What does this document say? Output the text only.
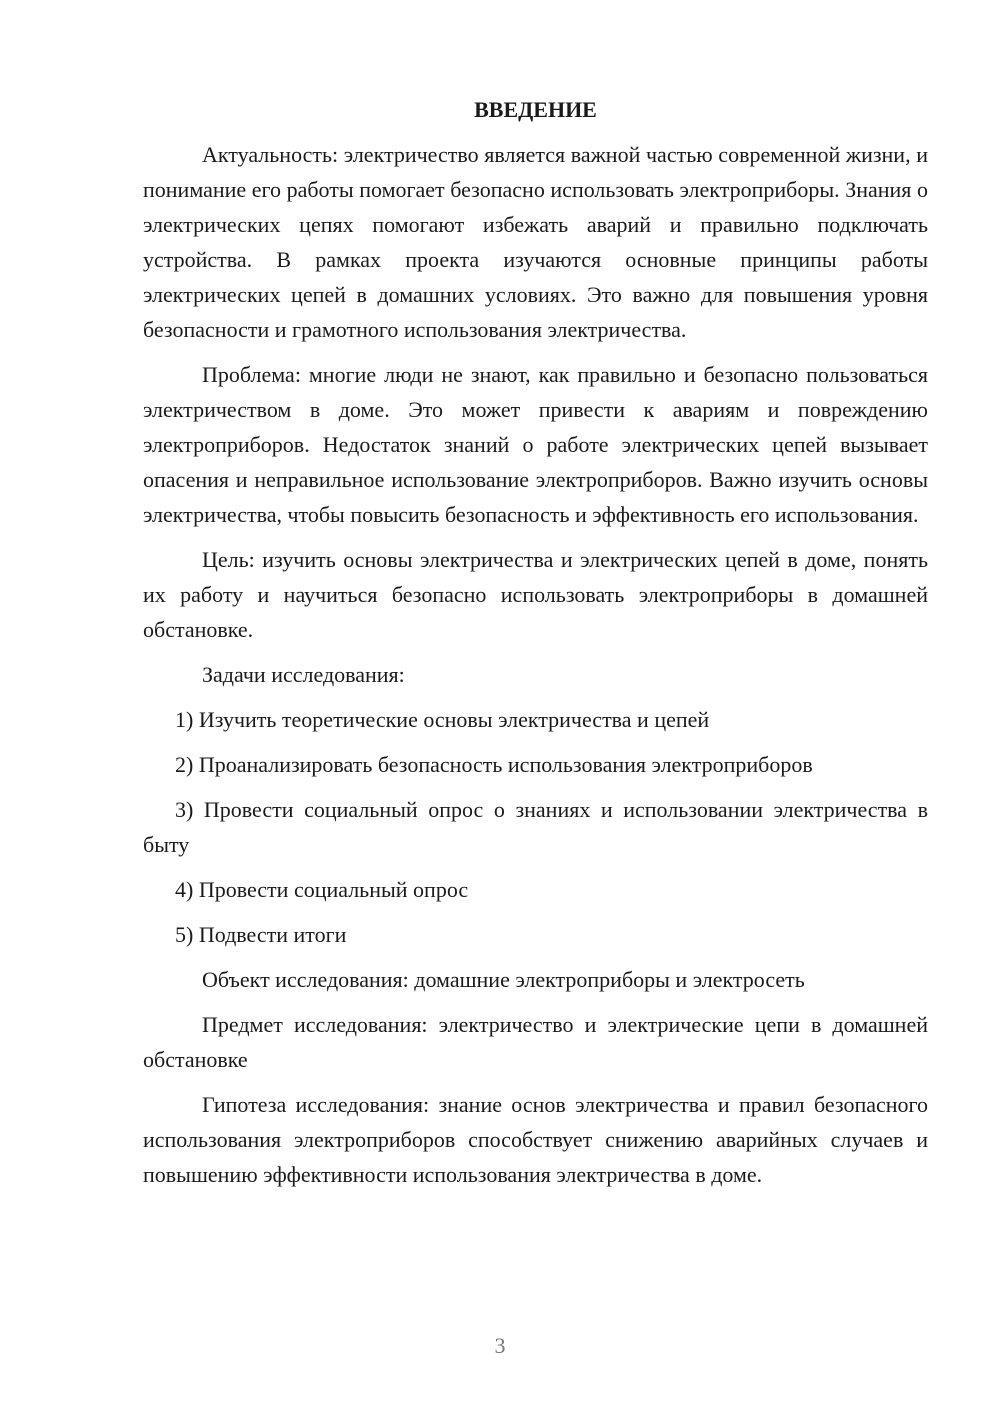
ВВЕДЕНИЕ

Актуальность: электричество является важной частью современной жизни, и понимание его работы помогает безопасно использовать электроприборы. Знания о электрических цепях помогают избежать аварий и правильно подключать устройства. В рамках проекта изучаются основные принципы работы электрических цепей в домашних условиях. Это важно для повышения уровня безопасности и грамотного использования электричества.

Проблема: многие люди не знают, как правильно и безопасно пользоваться электричеством в доме. Это может привести к авариям и повреждению электроприборов. Недостаток знаний о работе электрических цепей вызывает опасения и неправильное использование электроприборов. Важно изучить основы электричества, чтобы повысить безопасность и эффективность его использования.

Цель: изучить основы электричества и электрических цепей в доме, понять их работу и научиться безопасно использовать электроприборы в домашней обстановке.

Задачи исследования:

1) Изучить теоретические основы электричества и цепей

2) Проанализировать безопасность использования электроприборов

3) Провести социальный опрос о знаниях и использовании электричества в быту

4) Провести социальный опрос

5) Подвести итоги

Объект исследования: домашние электроприборы и электросеть

Предмет исследования: электричество и электрические цепи в домашней обстановке

Гипотеза исследования: знание основ электричества и правил безопасного использования электроприборов способствует снижению аварийных случаев и повышению эффективности использования электричества в доме.

3
